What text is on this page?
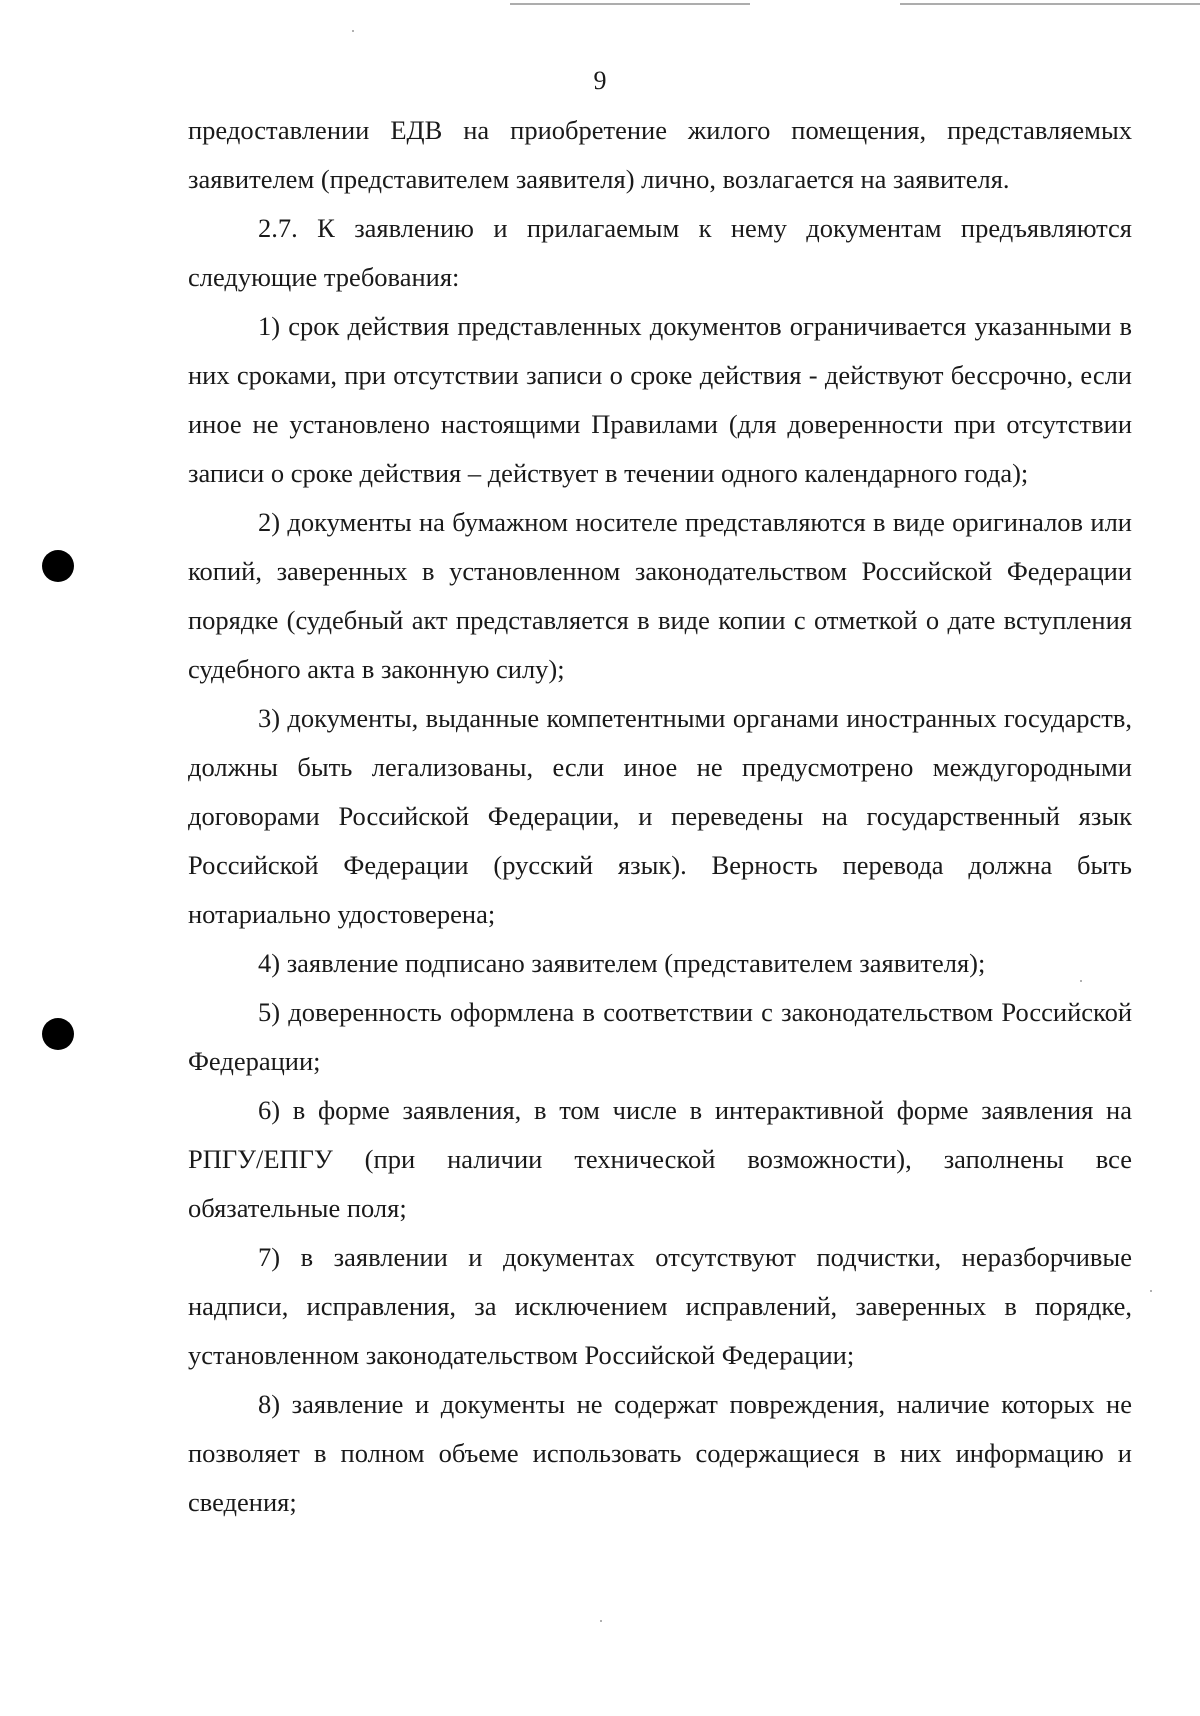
9

предоставлении ЕДВ на приобретение жилого помещения, представляемых заявителем (представителем заявителя) лично, возлагается на заявителя.

2.7. К заявлению и прилагаемым к нему документам предъявляются следующие требования:

1) срок действия представленных документов ограничивается указанными в них сроками, при отсутствии записи о сроке действия - действуют бессрочно, если иное не установлено настоящими Правилами (для доверенности при отсутствии записи о сроке действия – действует в течении одного календарного года);

2) документы на бумажном носителе представляются в виде оригиналов или копий, заверенных в установленном законодательством Российской Федерации порядке (судебный акт представляется в виде копии с отметкой о дате вступления судебного акта в законную силу);

3) документы, выданные компетентными органами иностранных государств, должны быть легализованы, если иное не предусмотрено междугородными договорами Российской Федерации, и переведены на государственный язык Российской Федерации (русский язык). Верность перевода должна быть нотариально удостоверена;

4) заявление подписано заявителем (представителем заявителя);

5) доверенность оформлена в соответствии с законодательством Российской Федерации;

6) в форме заявления, в том числе в интерактивной форме заявления на РПГУ/ЕПГУ (при наличии технической возможности), заполнены все обязательные поля;

7) в заявлении и документах отсутствуют подчистки, неразборчивые надписи, исправления, за исключением исправлений, заверенных в порядке, установленном законодательством Российской Федерации;

8) заявление и документы не содержат повреждения, наличие которых не позволяет в полном объеме использовать содержащиеся в них информацию и сведения;
